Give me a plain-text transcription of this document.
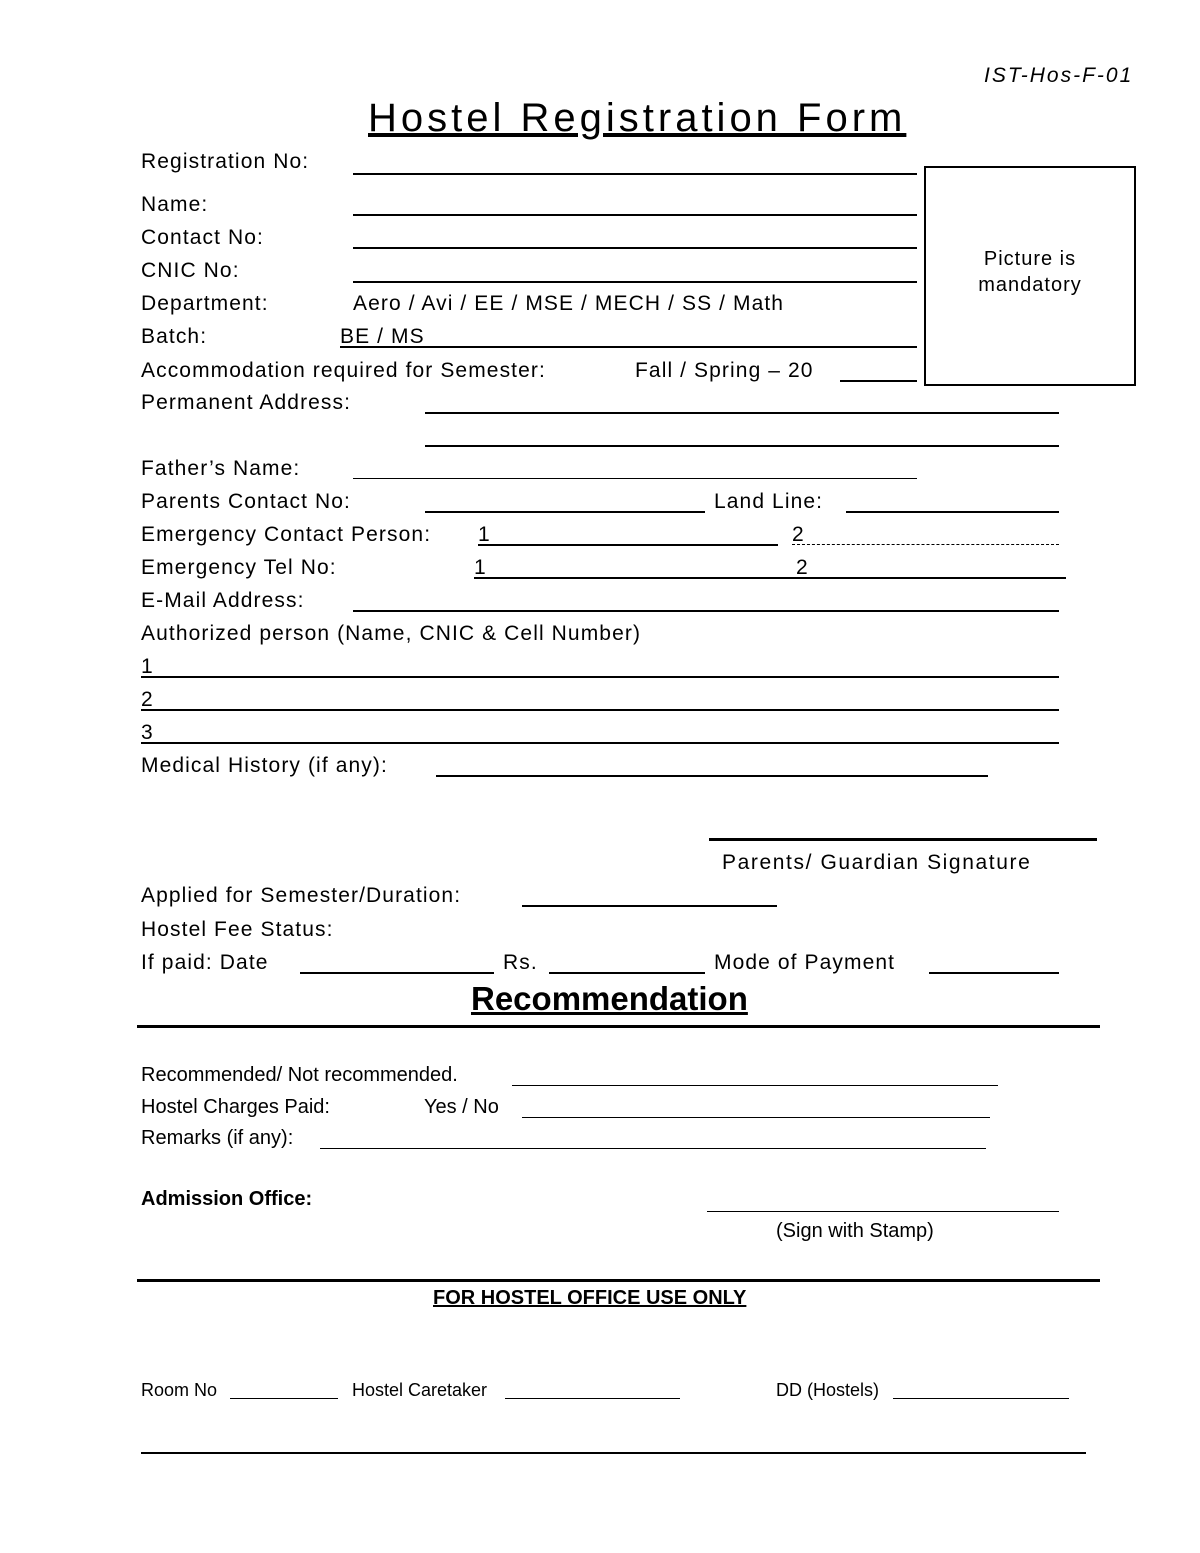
IST-Hos-F-01
Hostel Registration Form
Picture is mandatory
Registration No:
Name:
Contact No:
CNIC No:
Department:	Aero / Avi / EE / MSE / MECH / SS / Math
Batch:	BE / MS
Accommodation required for Semester:	Fall / Spring – 20
Permanent Address:
Father’s Name:
Parents Contact No:	Land Line:
Emergency Contact Person: 1	2
Emergency Tel No:	1	2
E-Mail Address:
Authorized person (Name, CNIC & Cell Number)
1
2
3
Medical History (if any):
Parents/ Guardian Signature
Applied for Semester/Duration:
Hostel Fee Status:
If paid: Date	Rs.	Mode of Payment
Recommendation
Recommended/ Not recommended.
Hostel Charges Paid:	Yes / No
Remarks (if any):
Admission Office:
(Sign with Stamp)
FOR HOSTEL OFFICE USE ONLY
Room No	Hostel Caretaker	DD (Hostels)
